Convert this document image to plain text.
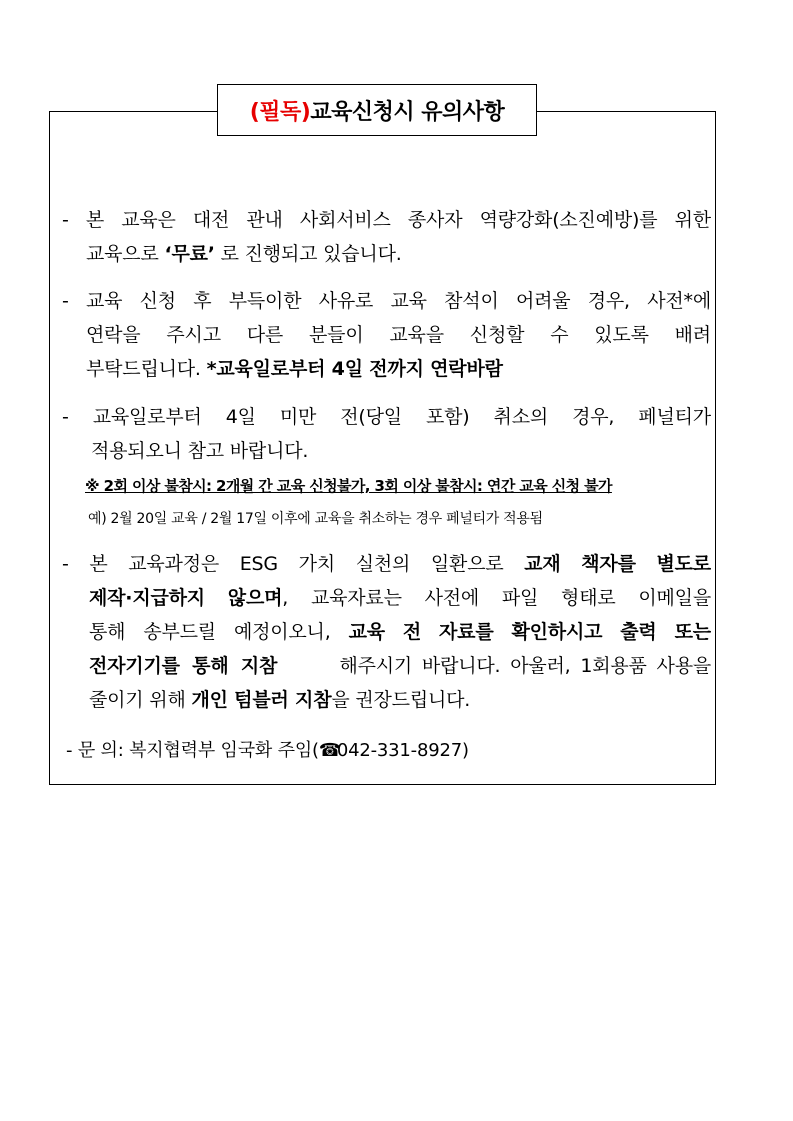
(필독) 교육신청시 유의사항
- 본 교육은 대전 관내 사회서비스 종사자 역량강화(소진예방)를 위한
교육으로 ‘무료’ 로 진행되고 있습니다.
- 교육 신청 후 부득이한 사유로 교육 참석이 어려울 경우, 사전*에
연락을 주시고 다른 분들이 교육을 신청할 수 있도록 배려
부탁드립니다. *교육일로부터 4일 전까지 연락바람
- 교육일로부터 4일 미만 전(당일 포함) 취소의 경우, 페널티가
적용되오니 참고 바랍니다.
※ 2회 이상 불참시: 2개월 간 교육 신청불가, 3회 이상 불참시: 연간 교육 신청 불가
예) 2월 20일 교육 / 2월 17일 이후에 교육을 취소하는 경우 페널티가 적용됨
- 본 교육과정은 ESG 가치 실천의 일환으로 교재 책자를 별도로
제작·지급하지 않으며, 교육자료는 사전에 파일 형태로 이메일을
통해 송부드릴 예정이오니, 교육 전 자료를 확인하시고 출력 또는
전자기기를 통해 지참	해주시기 바랍니다. 아울러, 1회용품 사용을
줄이기 위해 개인 텀블러 지참을 권장드립니다.
- 문 의: 복지협력부 임국화 주임(☎042-331-8927)
